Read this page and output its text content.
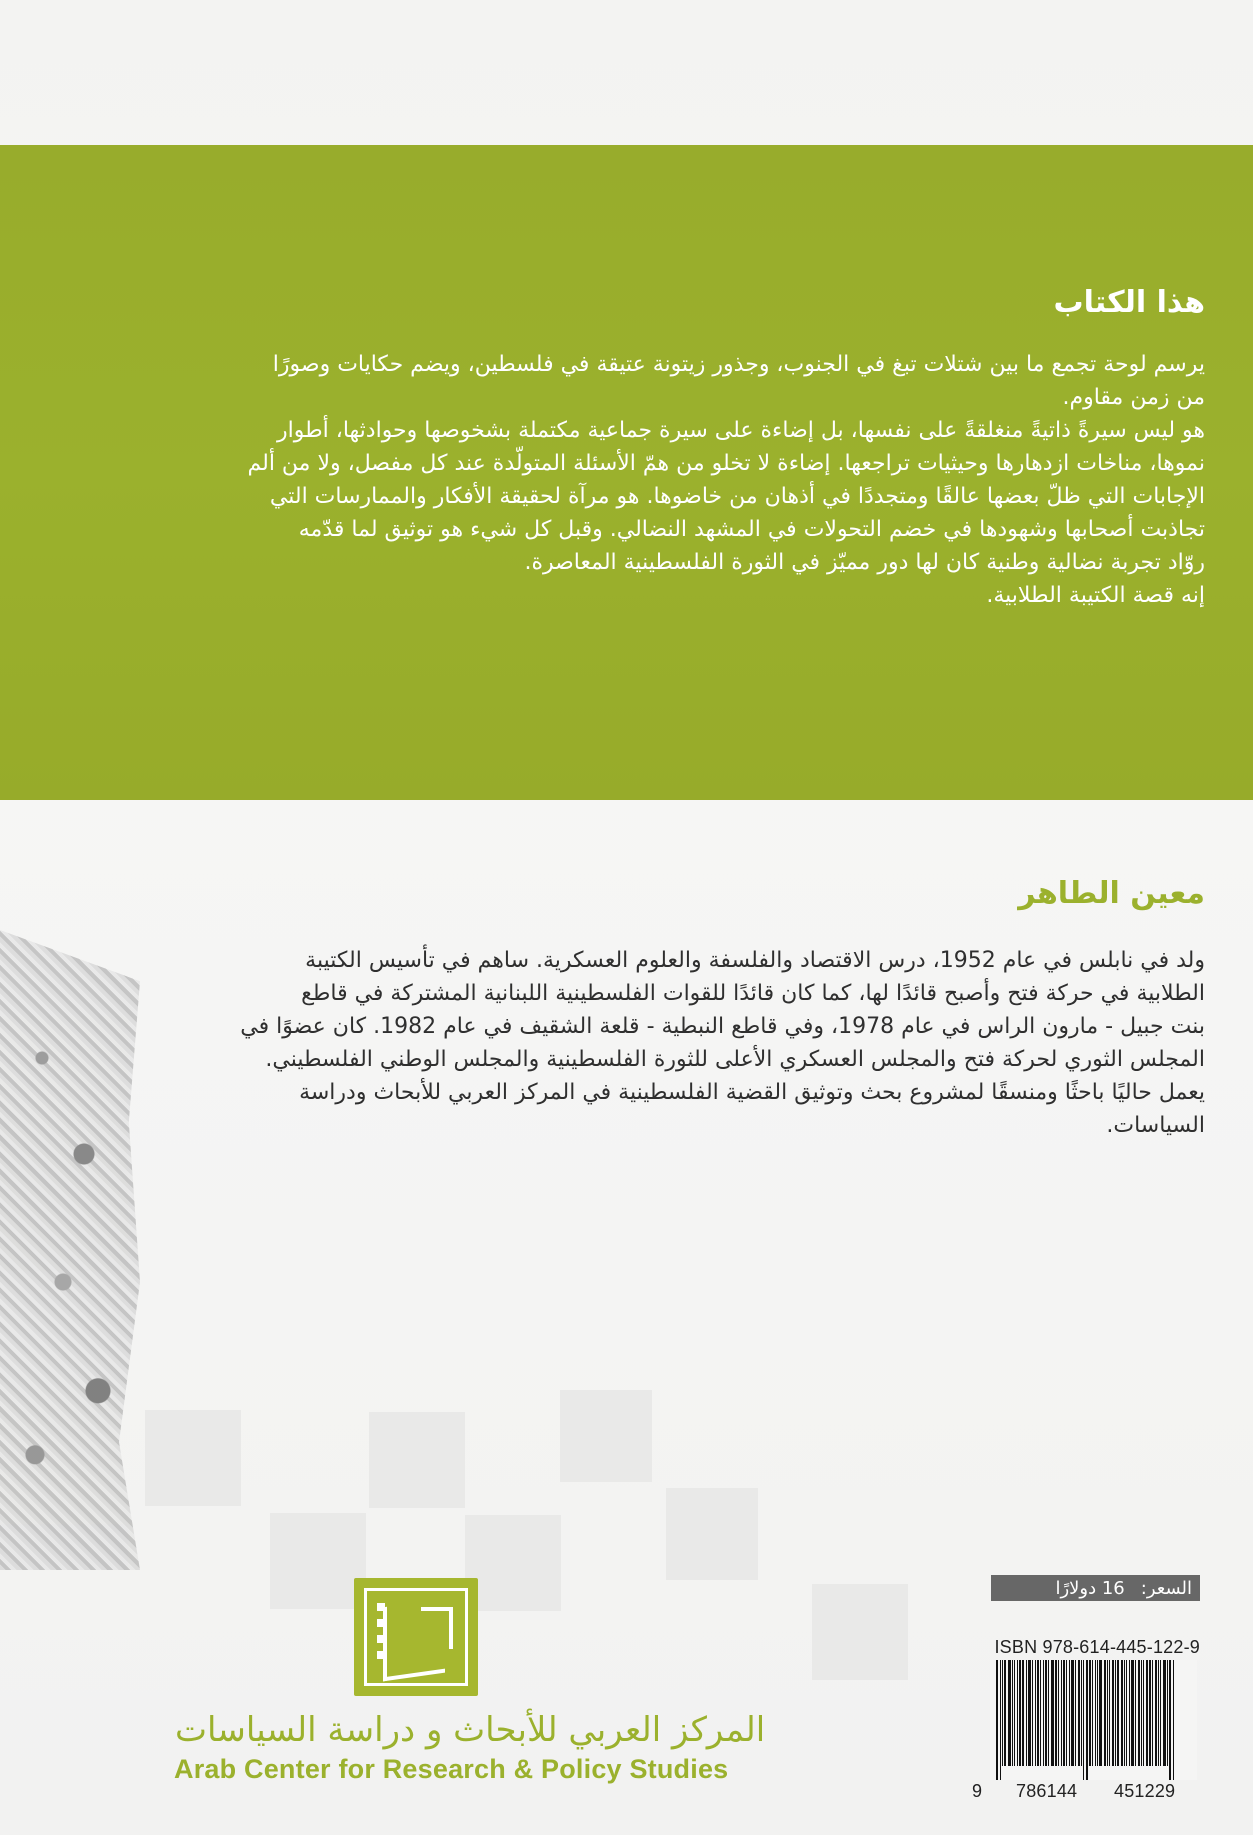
هذا الكتاب
يرسم لوحة تجمع ما بين شتلات تبغ في الجنوب، وجذور زيتونة عتيقة في فلسطين، ويضم حكايات وصورًا
من زمن مقاوم.
هو ليس سيرةً ذاتيةً منغلقةً على نفسها، بل إضاءة على سيرة جماعية مكتملة بشخوصها وحوادثها، أطوار
نموها، مناخات ازدهارها وحيثيات تراجعها. إضاءة لا تخلو من همّ الأسئلة المتولّدة عند كل مفصل، ولا من ألم
الإجابات التي ظلّ بعضها عالقًا ومتجددًا في أذهان من خاضوها. هو مرآة لحقيقة الأفكار والممارسات التي
تجاذبت أصحابها وشهودها في خضم التحولات في المشهد النضالي. وقبل كل شيء هو توثيق لما قدّمه
روّاد تجربة نضالية وطنية كان لها دور مميّز في الثورة الفلسطينية المعاصرة.
إنه قصة الكتيبة الطلابية.
معين الطاهر
ولد في نابلس في عام 1952، درس الاقتصاد والفلسفة والعلوم العسكرية. ساهم في تأسيس الكتيبة
الطلابية في حركة فتح وأصبح قائدًا لها، كما كان قائدًا للقوات الفلسطينية اللبنانية المشتركة في قاطع
بنت جبيل - مارون الراس في عام 1978، وفي قاطع النبطية - قلعة الشقيف في عام 1982. كان عضوًا في
المجلس الثوري لحركة فتح والمجلس العسكري الأعلى للثورة الفلسطينية والمجلس الوطني الفلسطيني.
يعمل حاليًا باحثًا ومنسقًا لمشروع بحث وتوثيق القضية الفلسطينية في المركز العربي للأبحاث ودراسة
السياسات.
المركز العربي للأبحاث و دراسة السياسات
Arab Center for Research & Policy Studies
السعر:
16 دولارًا
ISBN 978-614-445-122-9
9 786144 451229
